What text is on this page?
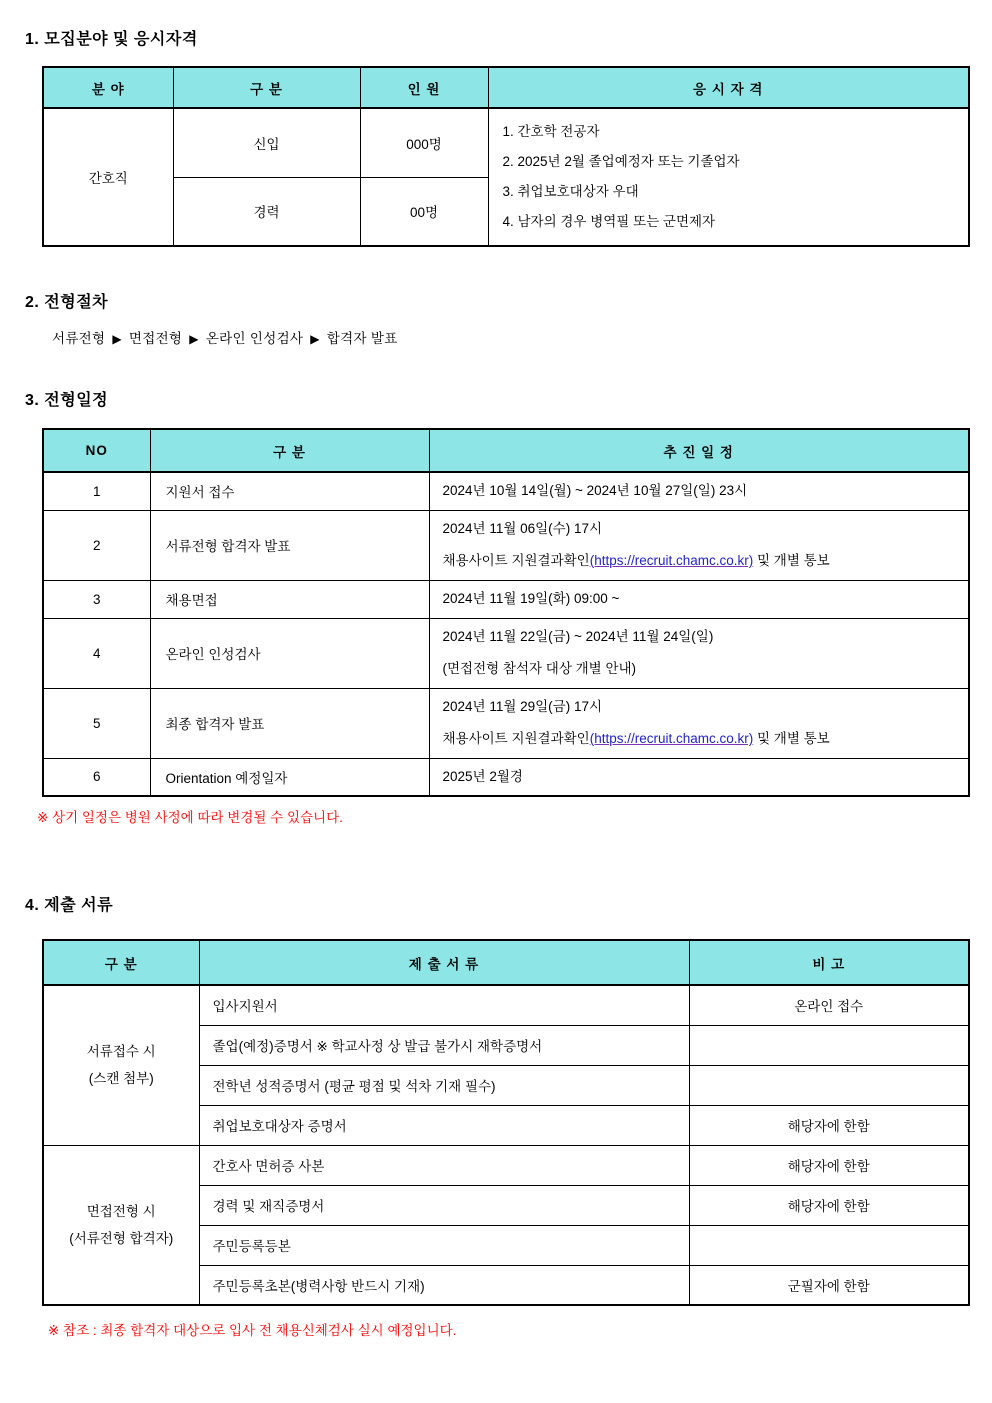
1. 모집분야 및 응시자격
분 야	구 분	인 원	응 시 자 격
간호직	신입	000명	1. 간호학 전공자
2. 2025년 2월 졸업예정자 또는 기졸업자
3. 취업보호대상자 우대
4. 남자의 경우 병역필 또는 군면제자

	경력	00명	
2. 전형절차
서류전형 ▶ 면접전형 ▶ 온라인 인성검사 ▶ 합격자 발표
3. 전형일정
NO	구 분	추 진 일 정
1	지원서 접수	2024년 10월 14일(월) ~ 2024년 10월 27일(일) 23시

2	서류전형 합격자 발표	2024년 11월 06일(수) 17시
채용사이트 지원결과확인(https://recruit.chamc.co.kr) 및 개별 통보

3	채용면접	2024년 11월 19일(화) 09:00 ~

4	온라인 인성검사	2024년 11월 22일(금) ~ 2024년 11월 24일(일)
(면접전형 참석자 대상 개별 안내)

5	최종 합격자 발표	2024년 11월 29일(금) 17시
채용사이트 지원결과확인(https://recruit.chamc.co.kr) 및 개별 통보

6	Orientation 예정일자	2025년 2월경
※ 상기 일정은 병원 사정에 따라 변경될 수 있습니다.
4. 제출 서류
구 분	제 출 서 류	비 고

서류접수 시
(스캔 첨부)	입사지원서	온라인 접수
	졸업(예정)증명서 ※ 학교사정 상 발급 불가시 재학증명서	
	전학년 성적증명서 (평균 평점 및 석차 기재 필수)	
	취업보호대상자 증명서	해당자에 한함

면접전형 시
(서류전형 합격자)	간호사 면허증 사본	해당자에 한함
	경력 및 재직증명서	해당자에 한함
	주민등록등본	
	주민등록초본(병력사항 반드시 기재)	군필자에 한함
※ 참조 : 최종 합격자 대상으로 입사 전 채용신체검사 실시 예정입니다.
